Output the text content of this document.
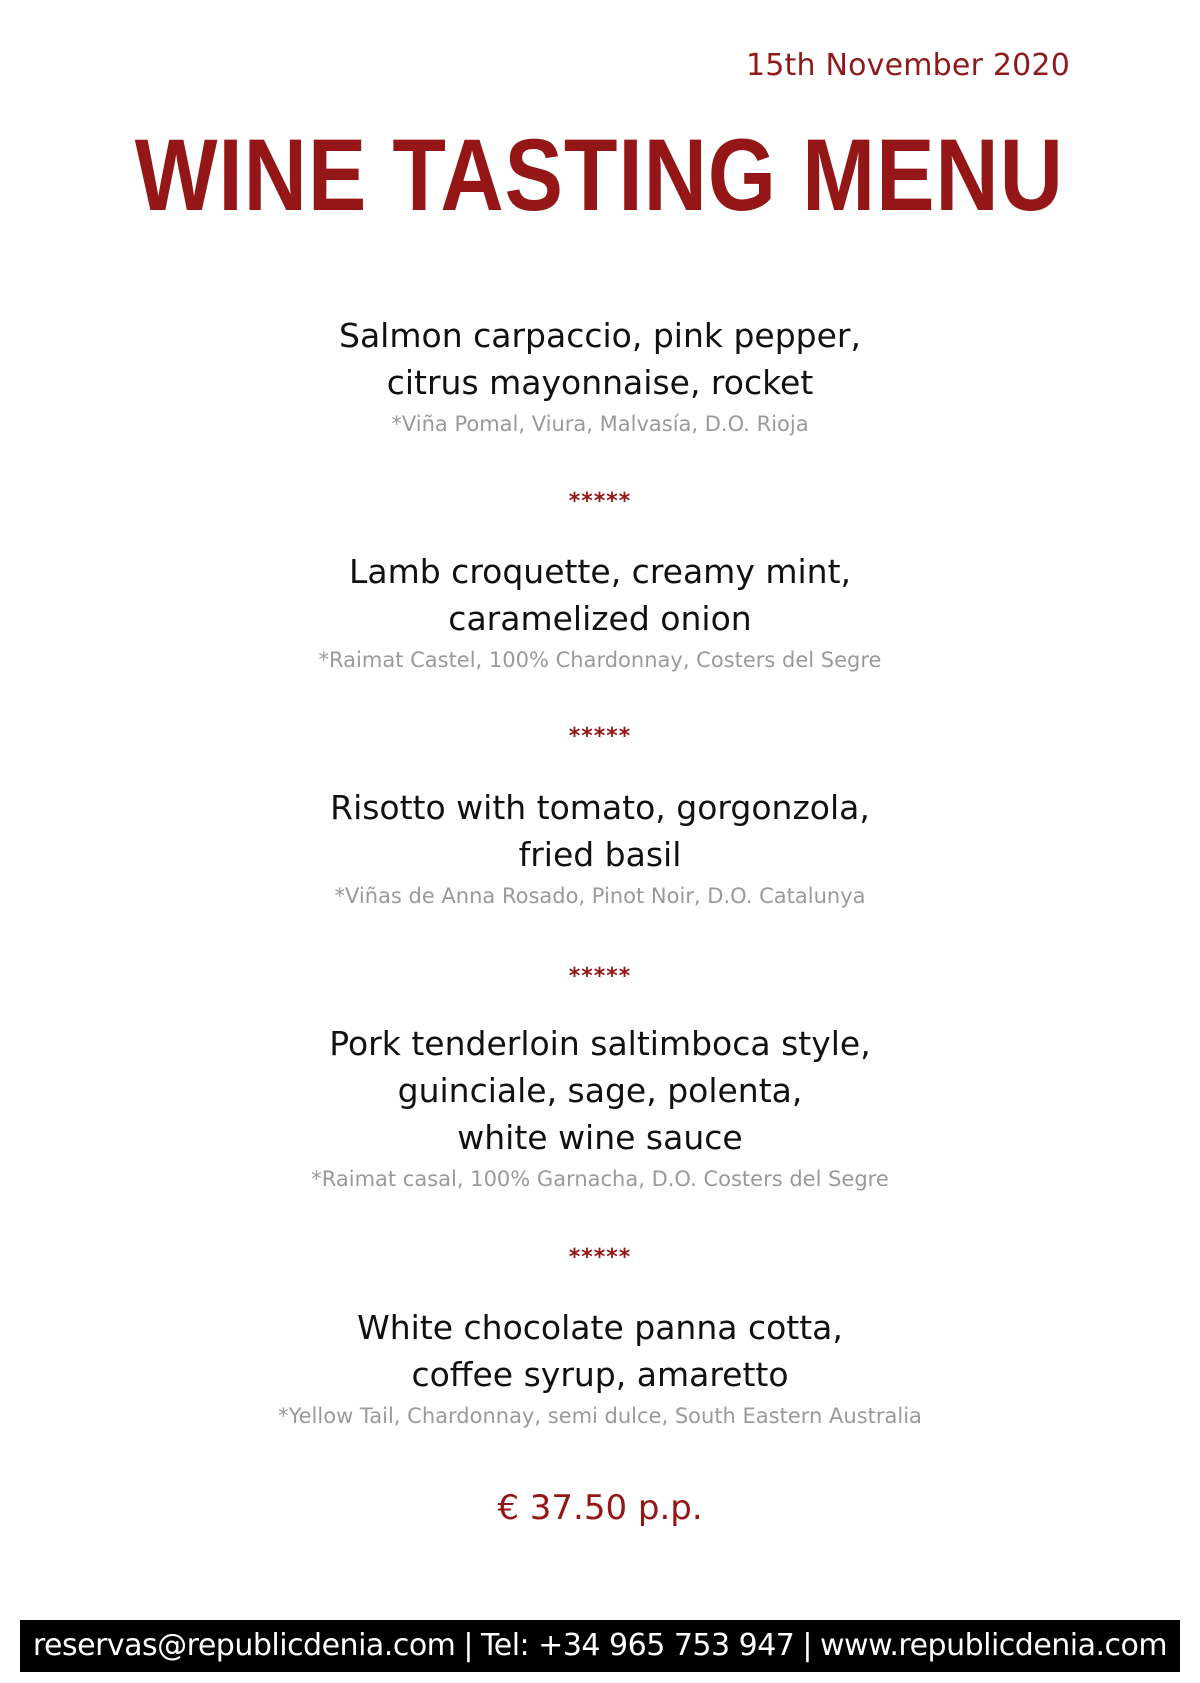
15th November 2020
WINE TASTING MENU
Salmon carpaccio, pink pepper,
citrus mayonnaise, rocket
*Viña Pomal, Viura, Malvasía, D.O. Rioja
*****
Lamb croquette, creamy mint,
caramelized onion
*Raimat Castel, 100% Chardonnay, Costers del Segre
*****
Risotto with tomato, gorgonzola,
fried basil
*Viñas de Anna Rosado, Pinot Noir, D.O. Catalunya
*****
Pork tenderloin saltimboca style,
guinciale, sage, polenta,
white wine sauce
*Raimat casal, 100% Garnacha, D.O. Costers del Segre
*****
White chocolate panna cotta,
coffee syrup, amaretto
*Yellow Tail, Chardonnay, semi dulce, South Eastern Australia
€ 37.50 p.p.
reservas@republicdenia.com | Tel: +34 965 753 947 | www.republicdenia.com
